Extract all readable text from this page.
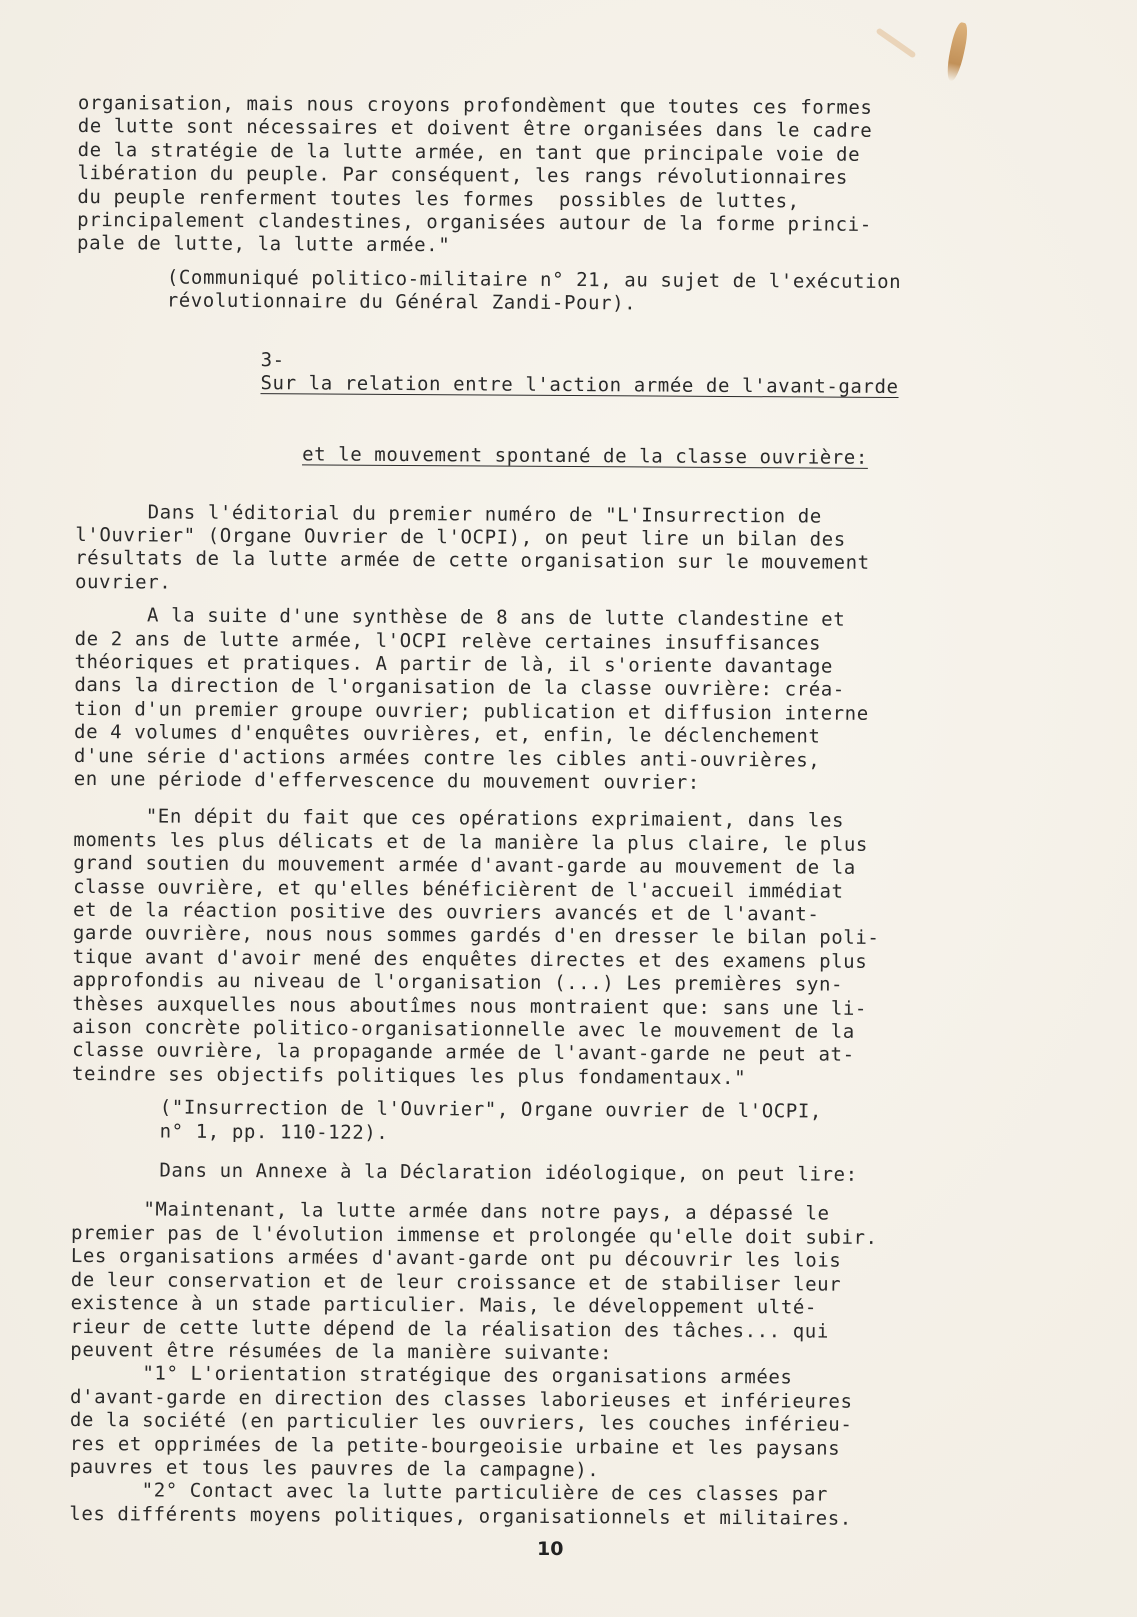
organisation, mais nous croyons profondèment que toutes ces formes
de lutte sont nécessaires et doivent être organisées dans le cadre
de la stratégie de la lutte armée, en tant que principale voie de
libération du peuple. Par conséquent, les rangs révolutionnaires
du peuple renferment toutes les formes  possibles de luttes,
principalement clandestines, organisées autour de la forme princi-
pale de lutte, la lutte armée."
(Communiqué politico-militaire n° 21, au sujet de l'exécution
révolutionnaire du Général Zandi-Pour).

3-
Sur la relation entre l'action armée de l'avant-garde

et le mouvement spontané de la classe ouvrière:

Dans l'éditorial du premier numéro de "L'Insurrection de
l'Ouvrier" (Organe Ouvrier de l'OCPI), on peut lire un bilan des
résultats de la lutte armée de cette organisation sur le mouvement
ouvrier.
A la suite d'une synthèse de 8 ans de lutte clandestine et
de 2 ans de lutte armée, l'OCPI relève certaines insuffisances
théoriques et pratiques. A partir de là, il s'oriente davantage
dans la direction de l'organisation de la classe ouvrière: créa-
tion d'un premier groupe ouvrier; publication et diffusion interne
de 4 volumes d'enquêtes ouvrières, et, enfin, le déclenchement
d'une série d'actions armées contre les cibles anti-ouvrières,
en une période d'effervescence du mouvement ouvrier:
"En dépit du fait que ces opérations exprimaient, dans les
moments les plus délicats et de la manière la plus claire, le plus
grand soutien du mouvement armée d'avant-garde au mouvement de la
classe ouvrière, et qu'elles bénéficièrent de l'accueil immédiat
et de la réaction positive des ouvriers avancés et de l'avant-
garde ouvrière, nous nous sommes gardés d'en dresser le bilan poli-
tique avant d'avoir mené des enquêtes directes et des examens plus
approfondis au niveau de l'organisation (...) Les premières syn-
thèses auxquelles nous aboutîmes nous montraient que: sans une li-
aison concrète politico-organisationnelle avec le mouvement de la
classe ouvrière, la propagande armée de l'avant-garde ne peut at-
teindre ses objectifs politiques les plus fondamentaux."
("Insurrection de l'Ouvrier", Organe ouvrier de l'OCPI,
n° 1, pp. 110-122).
Dans un Annexe à la Déclaration idéologique, on peut lire:
"Maintenant, la lutte armée dans notre pays, a dépassé le
premier pas de l'évolution immense et prolongée qu'elle doit subir.
Les organisations armées d'avant-garde ont pu découvrir les lois
de leur conservation et de leur croissance et de stabiliser leur
existence à un stade particulier. Mais, le développement ulté-
rieur de cette lutte dépend de la réalisation des tâches... qui
peuvent être résumées de la manière suivante:
"1° L'orientation stratégique des organisations armées
d'avant-garde en direction des classes laborieuses et inférieures
de la société (en particulier les ouvriers, les couches inférieu-
res et opprimées de la petite-bourgeoisie urbaine et les paysans
pauvres et tous les pauvres de la campagne).
"2° Contact avec la lutte particulière de ces classes par
les différents moyens politiques, organisationnels et militaires.
10
